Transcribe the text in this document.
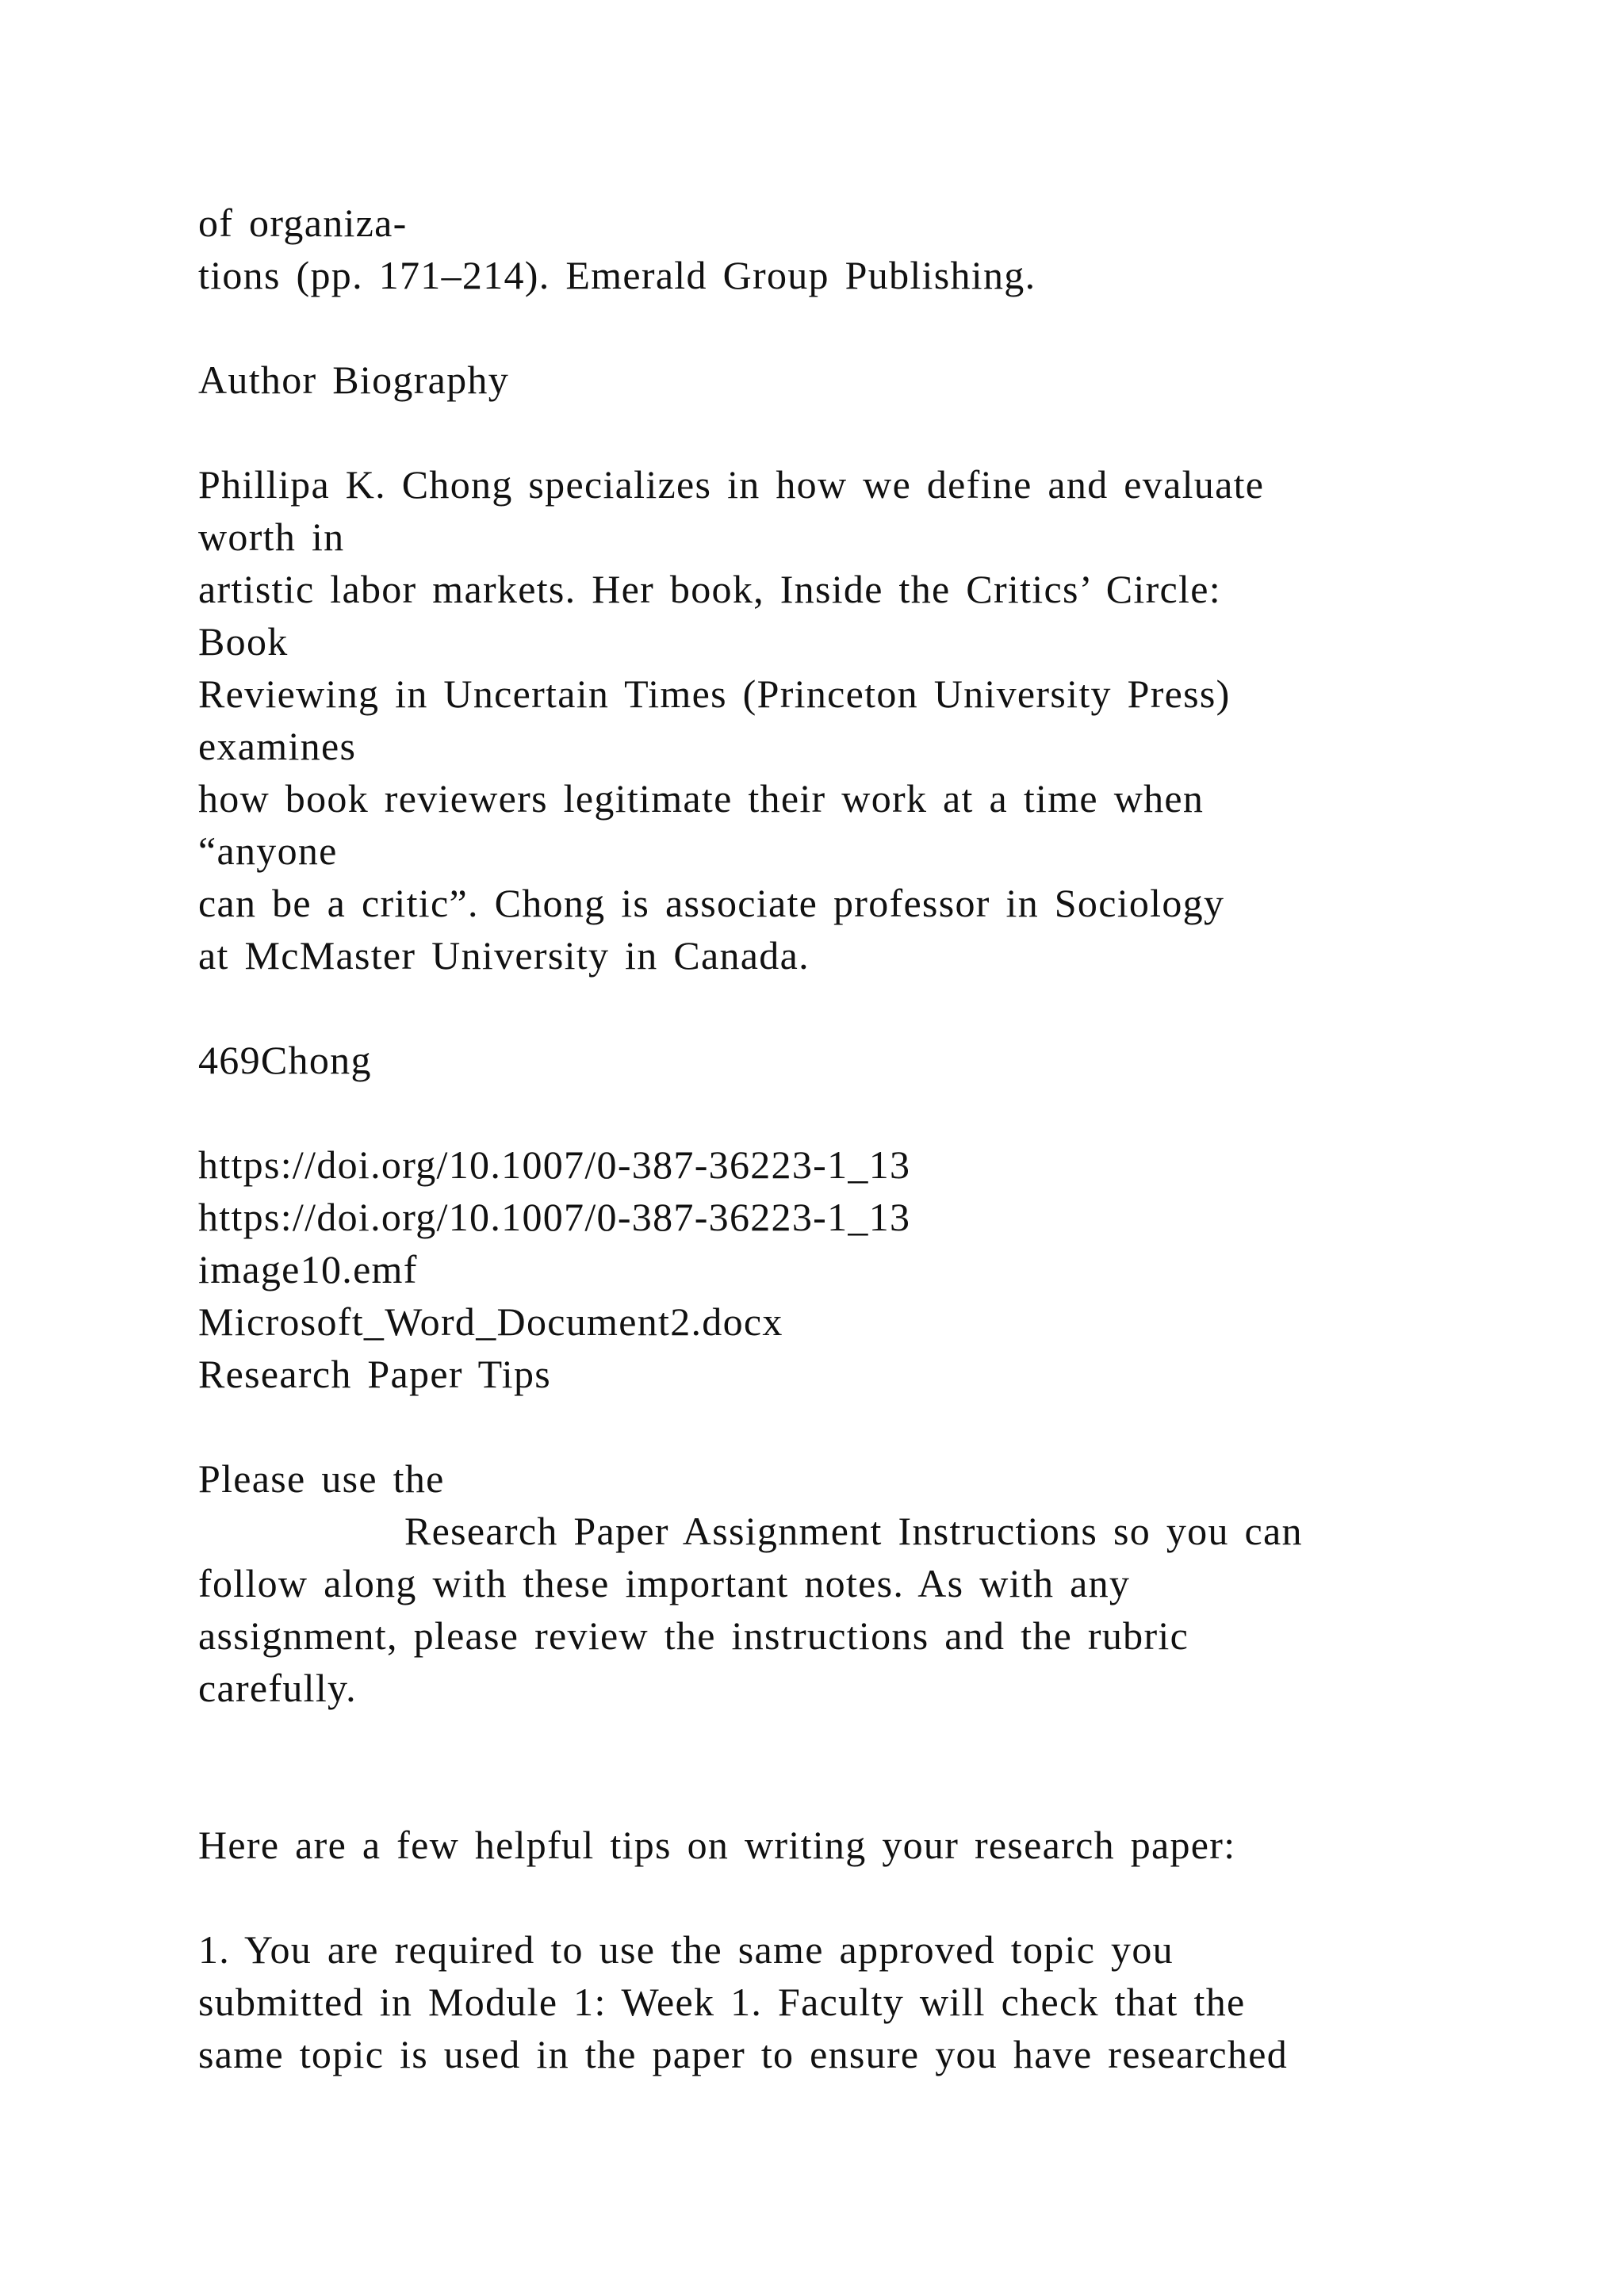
of organiza-
tions (pp. 171–214). Emerald Group Publishing.
Author Biography
Phillipa K. Chong specializes in how we define and evaluate
worth in
artistic labor markets. Her book, Inside the Critics’ Circle:
Book
Reviewing in Uncertain Times (Princeton University Press)
examines
how book reviewers legitimate their work at a time when
“anyone
can be a critic”. Chong is associate professor in Sociology
at McMaster University in Canada.
469Chong
https://doi.org/10.1007/0-387-36223-1_13
https://doi.org/10.1007/0-387-36223-1_13
image10.emf
Microsoft_Word_Document2.docx
Research Paper Tips
Please use the
Research Paper Assignment Instructions so you can
follow along with these important notes. As with any
assignment, please review the instructions and the rubric
carefully.
Here are a few helpful tips on writing your research paper:
1. You are required to use the same approved topic you
submitted in Module 1: Week 1. Faculty will check that the
same topic is used in the paper to ensure you have researched
